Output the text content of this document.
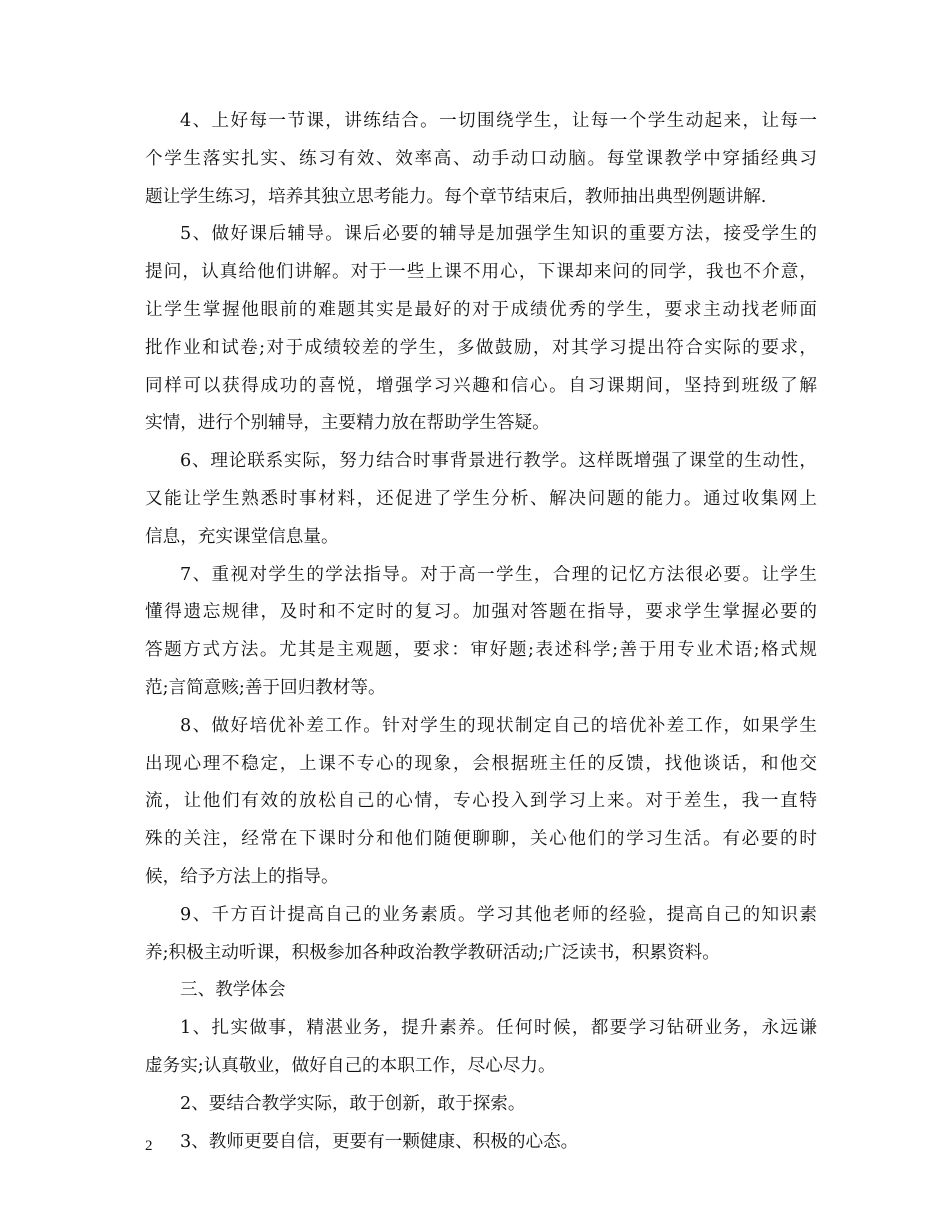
4、上好每一节课，讲练结合。一切围绕学生，让每一个学生动起来，让每一
个学生落实扎实、练习有效、效率高、动手动口动脑。每堂课教学中穿插经典习
题让学生练习，培养其独立思考能力。每个章节结束后，教师抽出典型例题讲解.
5、做好课后辅导。课后必要的辅导是加强学生知识的重要方法，接受学生的
提问，认真给他们讲解。对于一些上课不用心，下课却来问的同学，我也不介意，
让学生掌握他眼前的难题其实是最好的对于成绩优秀的学生，要求主动找老师面
批作业和试卷;对于成绩较差的学生，多做鼓励，对其学习提出符合实际的要求，
同样可以获得成功的喜悦，增强学习兴趣和信心。自习课期间，坚持到班级了解
实情，进行个别辅导，主要精力放在帮助学生答疑。
6、理论联系实际，努力结合时事背景进行教学。这样既增强了课堂的生动性，
又能让学生熟悉时事材料，还促进了学生分析、解决问题的能力。通过收集网上
信息，充实课堂信息量。
7、重视对学生的学法指导。对于高一学生，合理的记忆方法很必要。让学生
懂得遗忘规律，及时和不定时的复习。加强对答题在指导，要求学生掌握必要的
答题方式方法。尤其是主观题，要求：审好题;表述科学;善于用专业术语;格式规
范;言简意赅;善于回归教材等。
8、做好培优补差工作。针对学生的现状制定自己的培优补差工作，如果学生
出现心理不稳定，上课不专心的现象，会根据班主任的反馈，找他谈话，和他交
流，让他们有效的放松自己的心情，专心投入到学习上来。对于差生，我一直特
殊的关注，经常在下课时分和他们随便聊聊，关心他们的学习生活。有必要的时
候，给予方法上的指导。
9、千方百计提高自己的业务素质。学习其他老师的经验，提高自己的知识素
养;积极主动听课，积极参加各种政治教学教研活动;广泛读书，积累资料。
三、教学体会
1、扎实做事，精湛业务，提升素养。任何时候，都要学习钻研业务，永远谦
虚务实;认真敬业，做好自己的本职工作，尽心尽力。
2、要结合教学实际，敢于创新，敢于探索。
3、教师更要自信，更要有一颗健康、积极的心态。
2
